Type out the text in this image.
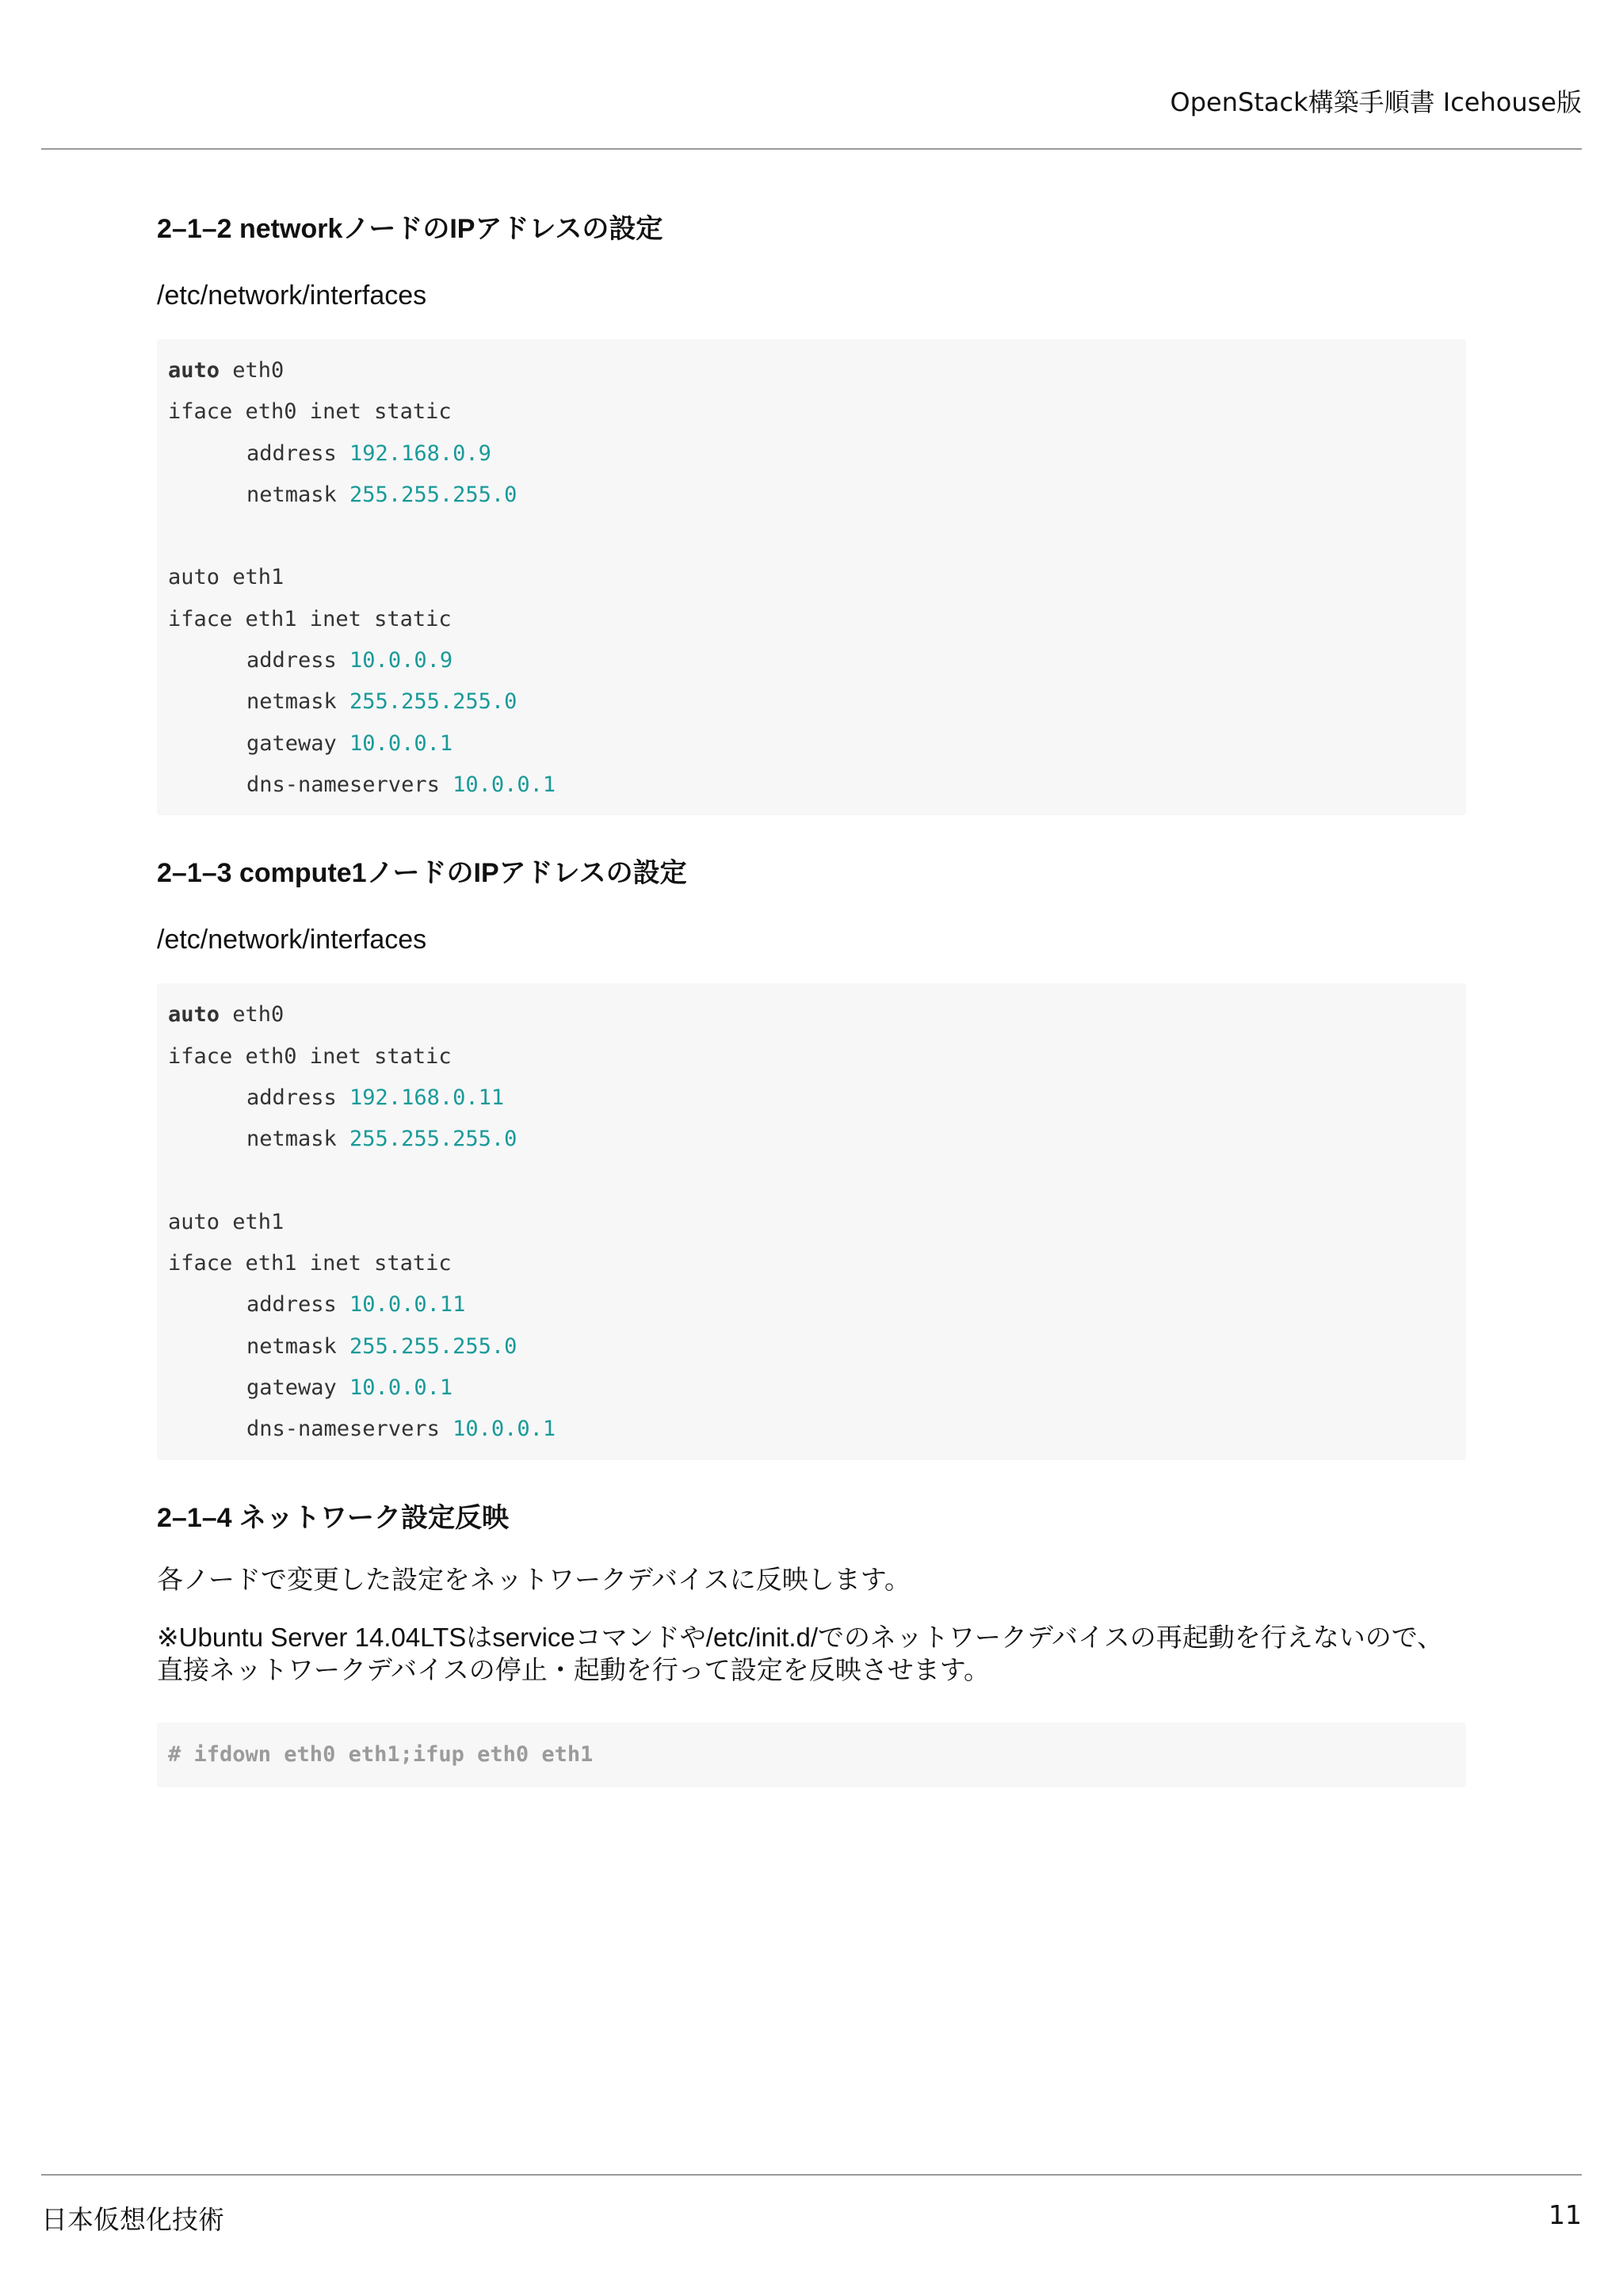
OpenStack構築手順書 Icehouse版
2–1–2 networkノードのIPアドレスの設定
/etc/network/interfaces
auto eth0
iface eth0 inet static
address 192.168.0.9
netmask 255.255.255.0
auto eth1
iface eth1 inet static
address 10.0.0.9
netmask 255.255.255.0
gateway 10.0.0.1
dns-nameservers 10.0.0.1
2–1–3 compute1ノードのIPアドレスの設定
/etc/network/interfaces
auto eth0
iface eth0 inet static
address 192.168.0.11
netmask 255.255.255.0
auto eth1
iface eth1 inet static
address 10.0.0.11
netmask 255.255.255.0
gateway 10.0.0.1
dns-nameservers 10.0.0.1
2–1–4 ネットワーク設定反映

各ノードで変更した設定をネットワークデバイスに反映します。

※Ubuntu Server 14.04LTSはserviceコマンドや/etc/init.d/でのネットワークデバイスの再起動を行えないので、直接ネットワークデバイスの停止・起動を行って設定を反映させます。

# ifdown eth0 eth1;ifup eth0 eth1
日本仮想化技術	11
